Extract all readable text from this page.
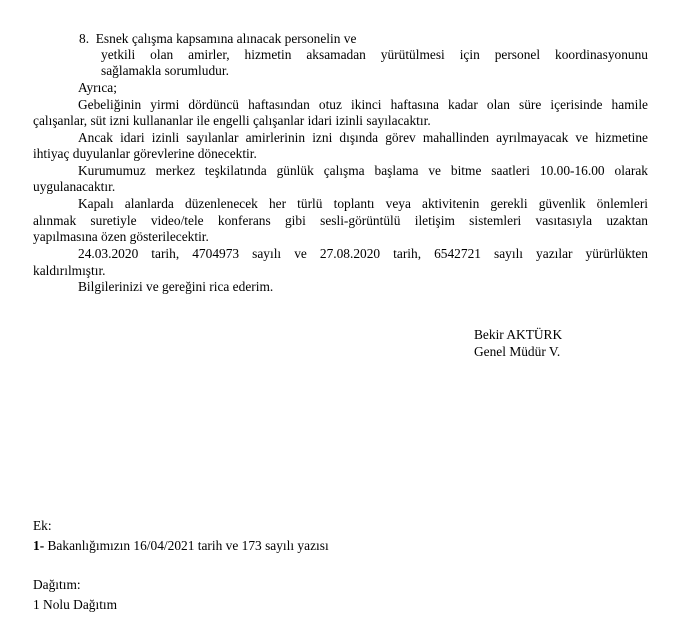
8. Esnek çalışma kapsamına alınacak personelin ve
yetkili olan amirler, hizmetin aksamadan yürütülmesi için personel koordinasyonunu
sağlamakla sorumludur.
Ayrıca;
Gebeliğinin yirmi dördüncü haftasından otuz ikinci haftasına kadar olan süre içerisinde hamile
çalışanlar, süt izni kullananlar ile engelli çalışanlar idari izinli sayılacaktır.
Ancak idari izinli sayılanlar amirlerinin izni dışında görev mahallinden ayrılmayacak ve hizmetine
ihtiyaç duyulanlar görevlerine dönecektir.
Kurumumuz merkez teşkilatında günlük çalışma başlama ve bitme saatleri 10.00-16.00 olarak
uygulanacaktır.
Kapalı alanlarda düzenlenecek her türlü toplantı veya aktivitenin gerekli güvenlik önlemleri
alınmak suretiyle video/tele konferans gibi sesli-görüntülü iletişim sistemleri vasıtasıyla uzaktan
yapılmasına özen gösterilecektir.
24.03.2020 tarih, 4704973 sayılı ve 27.08.2020 tarih, 6542721 sayılı yazılar yürürlükten
kaldırılmıştır.
Bilgilerinizi ve gereğini rica ederim.
Bekir AKTÜRK
Genel Müdür V.
Ek:
1- Bakanlığımızın 16/04/2021 tarih ve 173 sayılı yazısı
Dağıtım:
1 Nolu Dağıtım
